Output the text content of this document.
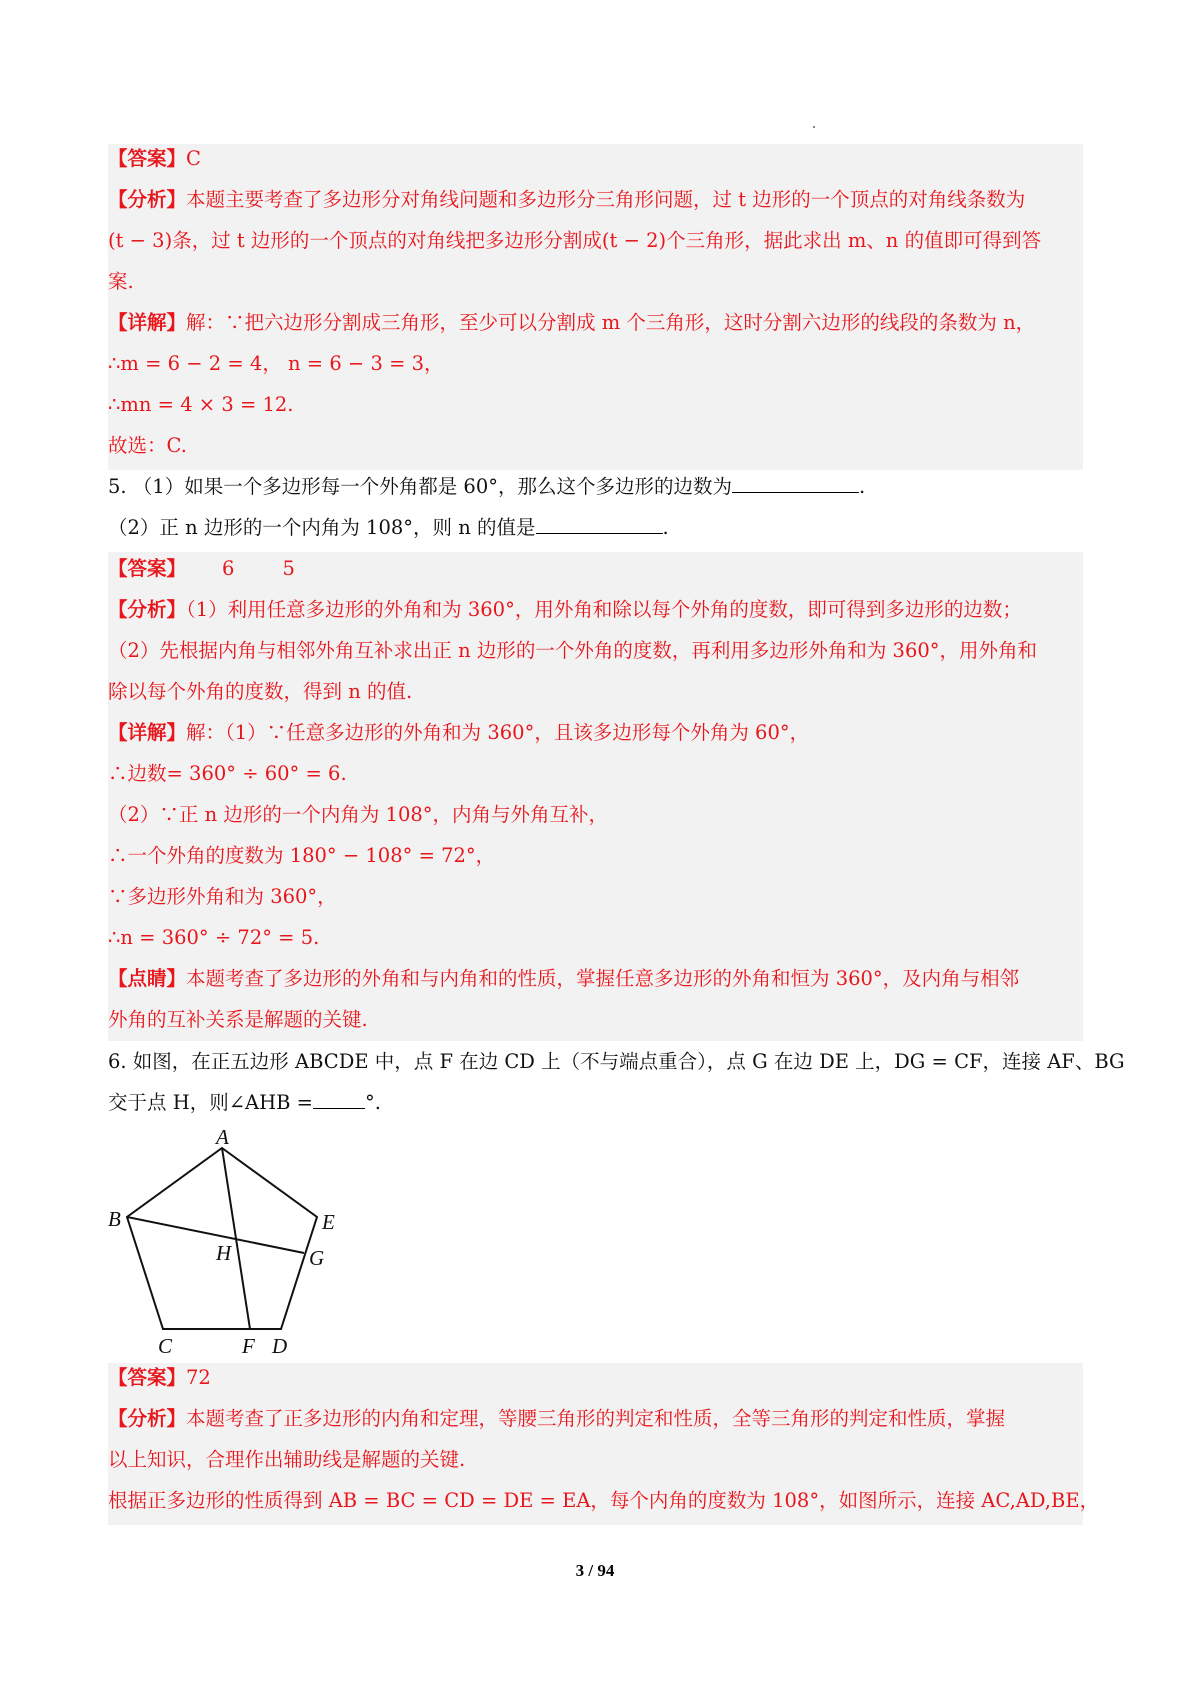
【答案】C
【分析】本题主要考查了多边形分对角线问题和多边形分三角形问题，过 t 边形的一个顶点的对角线条数为
(t − 3)条，过 t 边形的一个顶点的对角线把多边形分割成(t − 2)个三角形，据此求出 m、n 的值即可得到答
案.
【详解】解：∵把六边形分割成三角形，至少可以分割成 m 个三角形，这时分割六边形的线段的条数为 n，
∴m = 6 − 2 = 4， n = 6 − 3 = 3，
∴mn = 4 × 3 = 12.
故选：C.
5. （1）如果一个多边形每一个外角都是 60°，那么这个多边形的边数为	.
（2）正 n 边形的一个内角为 108°，则 n 的值是	.
【答案】 6 5
【分析】（1）利用任意多边形的外角和为 360°，用外角和除以每个外角的度数，即可得到多边形的边数；
（2）先根据内角与相邻外角互补求出正 n 边形的一个外角的度数，再利用多边形外角和为 360°，用外角和
除以每个外角的度数，得到 n 的值.
【详解】解：（1）∵任意多边形的外角和为 360°，且该多边形每个外角为 60°，
∴边数= 360° ÷ 60° = 6.
（2）∵正 n 边形的一个内角为 108°，内角与外角互补，
∴一个外角的度数为 180° − 108° = 72°，
∵多边形外角和为 360°，
∴n = 360° ÷ 72° = 5.
【点睛】本题考查了多边形的外角和与内角和的性质，掌握任意多边形的外角和恒为 360°，及内角与相邻
外角的互补关系是解题的关键.
6. 如图，在正五边形 ABCDE 中，点 F 在边 CD 上（不与端点重合），点 G 在边 DE 上，DG = CF，连接 AF、BG
交于点 H，则∠AHB =	°.
A
B
C	D
E
F
G
H
【答案】72
【分析】本题考查了正多边形的内角和定理，等腰三角形的判定和性质，全等三角形的判定和性质，掌握
以上知识，合理作出辅助线是解题的关键.
根据正多边形的性质得到 AB = BC = CD = DE = EA，每个内角的度数为 108°，如图所示，连接 AC,AD,BE，
3 / 94
